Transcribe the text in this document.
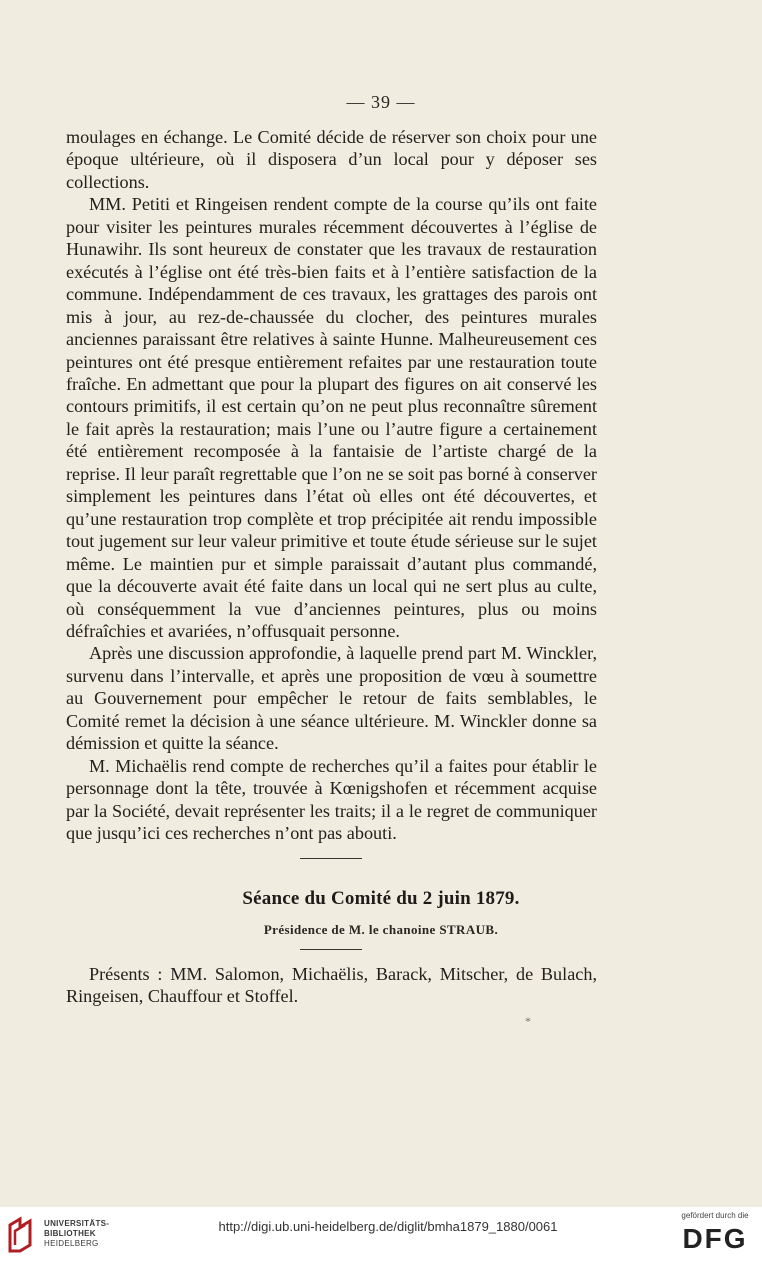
— 39 —

moulages en échange. Le Comité décide de réserver son choix pour une époque ultérieure, où il disposera d’un local pour y déposer ses collections.

MM. Petiti et Ringeisen rendent compte de la course qu’ils ont faite pour visiter les peintures murales récemment découvertes à l’église de Hunawihr. Ils sont heureux de constater que les travaux de restauration exécutés à l’église ont été très-bien faits et à l’entière satisfaction de la commune. Indépendamment de ces travaux, les grattages des parois ont mis à jour, au rez-de-chaussée du clocher, des peintures murales anciennes paraissant être relatives à sainte Hunne. Malheureusement ces peintures ont été presque entièrement refaites par une restauration toute fraîche. En admettant que pour la plupart des figures on ait conservé les contours primitifs, il est certain qu’on ne peut plus reconnaître sûrement le fait après la restauration; mais l’une ou l’autre figure a certainement été entièrement recomposée à la fantaisie de l’artiste chargé de la reprise. Il leur paraît regrettable que l’on ne se soit pas borné à conserver simplement les peintures dans l’état où elles ont été découvertes, et qu’une restauration trop complète et trop précipitée ait rendu impossible tout jugement sur leur valeur primitive et toute étude sérieuse sur le sujet même. Le maintien pur et simple paraissait d’autant plus commandé, que la découverte avait été faite dans un local qui ne sert plus au culte, où conséquemment la vue d’anciennes peintures, plus ou moins défraîchies et avariées, n’offusquait personne.

Après une discussion approfondie, à laquelle prend part M. Winckler, survenu dans l’intervalle, et après une proposition de vœu à soumettre au Gouvernement pour empêcher le retour de faits semblables, le Comité remet la décision à une séance ultérieure. M. Winckler donne sa démission et quitte la séance.

M. Michaëlis rend compte de recherches qu’il a faites pour établir le personnage dont la tête, trouvée à Kœnigshofen et récemment acquise par la Société, devait représenter les traits; il a le regret de communiquer que jusqu’ici ces recherches n’ont pas abouti.

Séance du Comité du 2 juin 1879.
Présidence de M. le chanoine STRAUB.

Présents : MM. Salomon, Michaëlis, Barack, Mitscher, de Bulach, Ringeisen, Chauffour et Stoffel.

*
UNIVERSITÄTS-
BIBLIOTHEK
HEIDELBERG
http://digi.ub.uni-heidelberg.de/diglit/bmha1879_1880/0061
gefördert durch die
DFG
